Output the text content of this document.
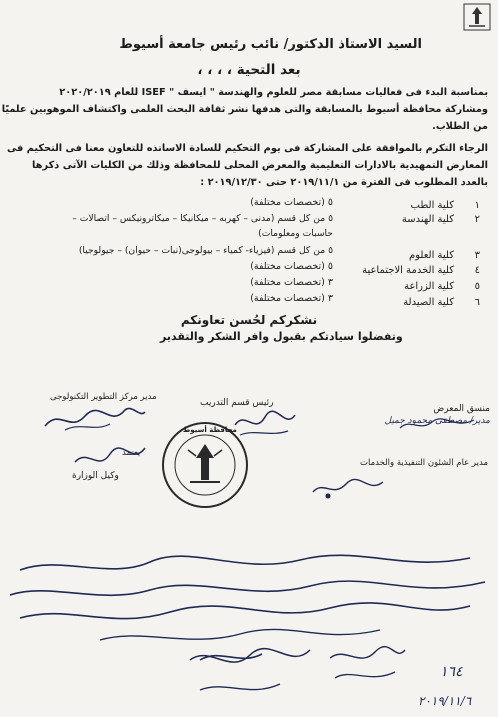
السيد الاستاذ الدكتور/ نائب رئيس جامعة أسيوط
بعد التحية ، ، ، ،
بمناسبة البدء فى فعاليات مسابقة مصر للعلوم والهندسة " ايسف " ISEF للعام ٢٠٢٠/٢٠١٩
ومشاركة محافظة أسيوط بالمسابقة والتى هدفها نشر ثقافة البحث العلمى واكتشاف الموهوبين علميًا
من الطلاب.
الرجاء التكرم بالموافقة على المشاركة فى يوم التحكيم للسادة الاساتذه للتعاون معنا فى التحكيم فى
المعارض التمهيدية بالادارات التعليمية والمعرض المحلى للمحافظة وذلك من الكليات الآتى ذكرها
بالعدد المطلوب فى الفترة من ٢٠١٩/١١/١ حتى ٢٠١٩/١٢/٣٠ :
١
كلية الطب
٥ (تخصصات مختلفة)
٢
كلية الهندسة
٥ من كل قسم (مدنى – كهربه – ميكانيكا – ميكاترونيكس – اتصالات –
حاسبات ومعلومات)
٣
كلية العلوم
٥ من كل قسم (فيزياء- كمياء – بيولوجى(نبات – حيوان) – جيولوجيا)
٤
كلية الخدمة الاجتماعية
٥ (تخصصات مختلفة)
٥
كلية الزراعة
٣ (تخصصات مختلفة)
٦
كلية الصيدلة
٣ (تخصصات مختلفة)
نشكركم لحُسن تعاونكم
وتفضلوا سيادتكم بقبول وافر الشكر والتقدير
مدير مركز التطوير التكنولوجى
رئيس قسم التدريب
منسق المعرض
مدير/ مصطفى محمود جميل
يعتمد
وكيل الوزارة
مدير عام الشئون التنفيذية والخدمات
محافظة أسيوط
١٦٤
٢٠١٩/١١/٦
